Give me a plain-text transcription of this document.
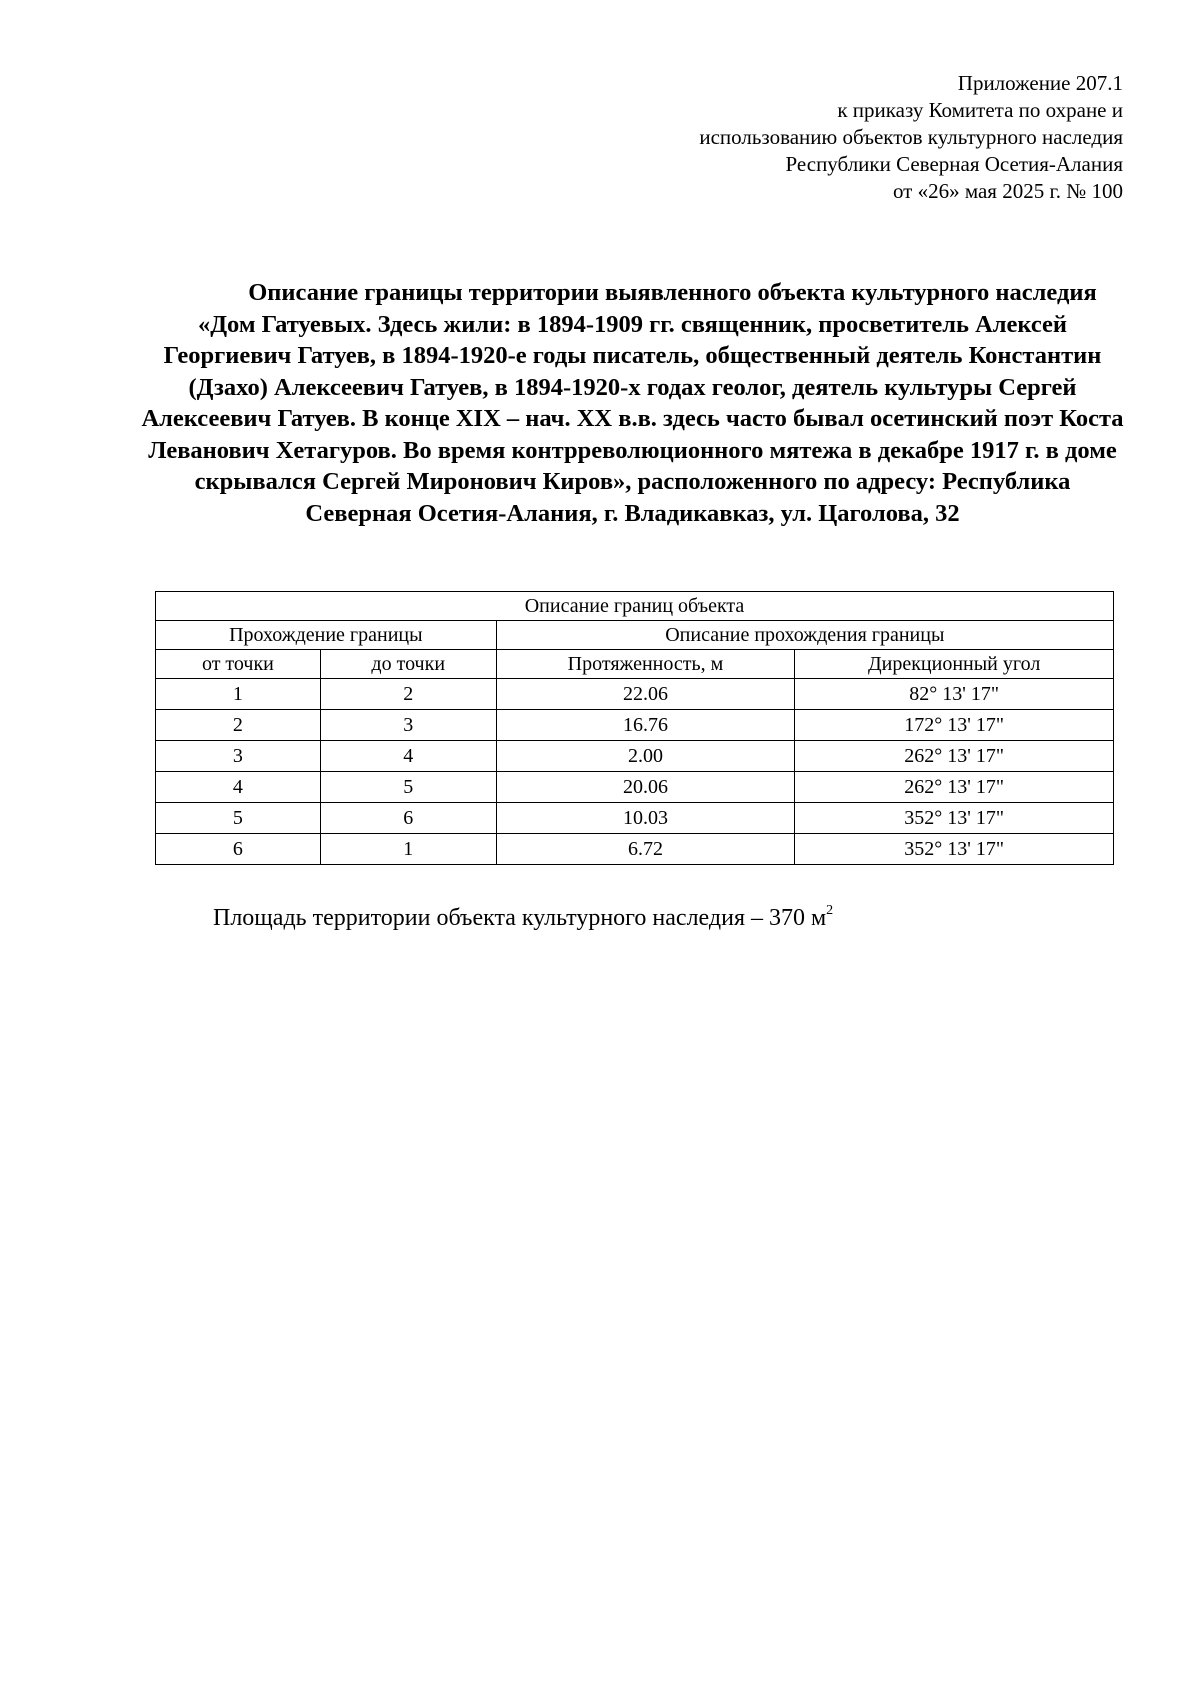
Приложение 207.1
к приказу Комитета по охране и
использованию объектов культурного наследия
Республики Северная Осетия-Алания
от «26» мая 2025 г. № 100

Описание границы территории выявленного объекта культурного наследия «Дом Гатуевых. Здесь жили: в 1894-1909 гг. священник, просветитель Алексей Георгиевич Гатуев, в 1894-1920-е годы писатель, общественный деятель Константин (Дзахо) Алексеевич Гатуев, в 1894-1920-х годах геолог, деятель культуры Сергей Алексеевич Гатуев. В конце XIX – нач. XX в.в. здесь часто бывал осетинский поэт Коста Леванович Хетагуров. Во время контрреволюционного мятежа в декабре 1917 г. в доме скрывался Сергей Миронович Киров», расположенного по адресу: Республика Северная Осетия-Алания, г. Владикавказ, ул. Цаголова, 32

Описание границ объекта			
Прохождение границы		Описание прохождения границы	
от точки	до точки	Протяженность, м	Дирекционный угол
1	2	22.06	82° 13' 17"
2	3	16.76	172° 13' 17"
3	4	2.00	262° 13' 17"
4	5	20.06	262° 13' 17"
5	6	10.03	352° 13' 17"
6	1	6.72	352° 13' 17"
Площадь территории объекта культурного наследия – 370 $м^2$
